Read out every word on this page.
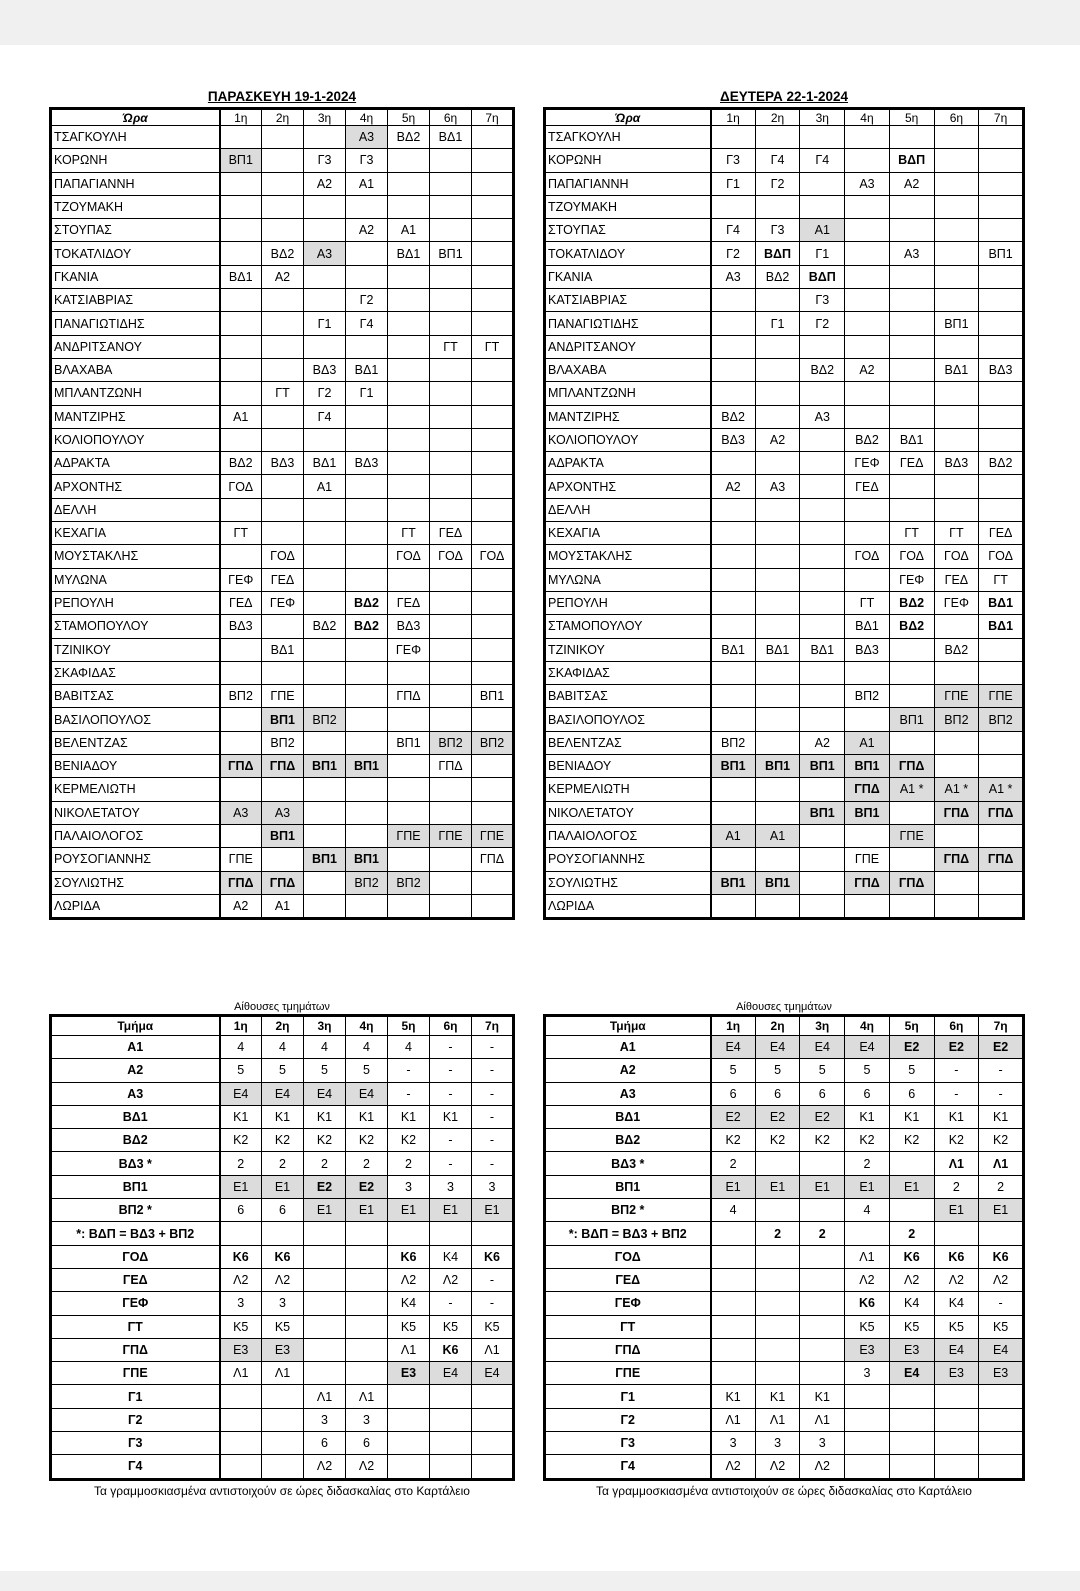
ΠΑΡΑΣΚΕΥΗ 19-1-2024
Ώρα	1η	2η	3η	4η	5η	6η	7η
ΤΣΑΓΚΟΥΛΗ				Α3	ΒΔ2	ΒΔ1	
ΚΟΡΩΝΗ	ΒΠ1		Γ3	Γ3			
ΠΑΠΑΓΙΑΝΝΗ			Α2	Α1			
ΤΖΟΥΜΑΚΗ							
ΣΤΟΥΠΑΣ				Α2	Α1		
ΤΟΚΑΤΛΙΔΟΥ		ΒΔ2	Α3		ΒΔ1	ΒΠ1	
ΓΚΑΝΙΑ	ΒΔ1	Α2					
ΚΑΤΣΙΑΒΡΙΑΣ				Γ2			
ΠΑΝΑΓΙΩΤΙΔΗΣ			Γ1	Γ4			
ΑΝΔΡΙΤΣΑΝΟΥ						ΓΤ	ΓΤ
ΒΛΑΧΑΒΑ			ΒΔ3	ΒΔ1			
ΜΠΛΑΝΤΖΩΝΗ		ΓΤ	Γ2	Γ1			
ΜΑΝΤΖΙΡΗΣ	Α1		Γ4				
ΚΟΛΙΟΠΟΥΛΟΥ							
ΑΔΡΑΚΤΑ	ΒΔ2	ΒΔ3	ΒΔ1	ΒΔ3			
ΑΡΧΟΝΤΗΣ	ΓΟΔ		Α1				
ΔΕΛΛΗ							
ΚΕΧΑΓΙΑ	ΓΤ				ΓΤ	ΓΕΔ	
ΜΟΥΣΤΑΚΛΗΣ		ΓΟΔ			ΓΟΔ	ΓΟΔ	ΓΟΔ
ΜΥΛΩΝΑ	ΓΕΦ	ΓΕΔ					
ΡΕΠΟΥΛΗ	ΓΕΔ	ΓΕΦ		ΒΔ2	ΓΕΔ		
ΣΤΑΜΟΠΟΥΛΟΥ	ΒΔ3		ΒΔ2	ΒΔ2	ΒΔ3		
ΤΖΙΝΙΚΟΥ		ΒΔ1			ΓΕΦ		
ΣΚΑΦΙΔΑΣ							
ΒΑΒΙΤΣΑΣ	ΒΠ2	ΓΠΕ			ΓΠΔ		ΒΠ1
ΒΑΣΙΛΟΠΟΥΛΟΣ		ΒΠ1	ΒΠ2				
ΒΕΛΕΝΤΖΑΣ		ΒΠ2			ΒΠ1	ΒΠ2	ΒΠ2
ΒΕΝΙΑΔΟΥ	ΓΠΔ	ΓΠΔ	ΒΠ1	ΒΠ1		ΓΠΔ	
ΚΕΡΜΕΛΙΩΤΗ							
ΝΙΚΟΛΕΤΑΤΟΥ	Α3	Α3					
ΠΑΛΑΙΟΛΟΓΟΣ		ΒΠ1			ΓΠΕ	ΓΠΕ	ΓΠΕ
ΡΟΥΣΟΓΙΑΝΝΗΣ	ΓΠΕ		ΒΠ1	ΒΠ1			ΓΠΔ
ΣΟΥΛΙΩΤΗΣ	ΓΠΔ	ΓΠΔ		ΒΠ2	ΒΠ2		
ΛΩΡΙΔΑ	Α2	Α1					
ΔΕΥΤΕΡΑ 22-1-2024
Ώρα	1η	2η	3η	4η	5η	6η	7η
ΤΣΑΓΚΟΥΛΗ							
ΚΟΡΩΝΗ	Γ3	Γ4	Γ4		ΒΔΠ		
ΠΑΠΑΓΙΑΝΝΗ	Γ1	Γ2		Α3	Α2		
ΤΖΟΥΜΑΚΗ							
ΣΤΟΥΠΑΣ	Γ4	Γ3	Α1				
ΤΟΚΑΤΛΙΔΟΥ	Γ2	ΒΔΠ	Γ1		Α3		ΒΠ1
ΓΚΑΝΙΑ	Α3	ΒΔ2	ΒΔΠ				
ΚΑΤΣΙΑΒΡΙΑΣ			Γ3				
ΠΑΝΑΓΙΩΤΙΔΗΣ		Γ1	Γ2			ΒΠ1	
ΑΝΔΡΙΤΣΑΝΟΥ							
ΒΛΑΧΑΒΑ			ΒΔ2	Α2		ΒΔ1	ΒΔ3
ΜΠΛΑΝΤΖΩΝΗ							
ΜΑΝΤΖΙΡΗΣ	ΒΔ2		Α3				
ΚΟΛΙΟΠΟΥΛΟΥ	ΒΔ3	Α2		ΒΔ2	ΒΔ1		
ΑΔΡΑΚΤΑ				ΓΕΦ	ΓΕΔ	ΒΔ3	ΒΔ2
ΑΡΧΟΝΤΗΣ	Α2	Α3		ΓΕΔ			
ΔΕΛΛΗ							
ΚΕΧΑΓΙΑ					ΓΤ	ΓΤ	ΓΕΔ
ΜΟΥΣΤΑΚΛΗΣ				ΓΟΔ	ΓΟΔ	ΓΟΔ	ΓΟΔ
ΜΥΛΩΝΑ					ΓΕΦ	ΓΕΔ	ΓΤ
ΡΕΠΟΥΛΗ				ΓΤ	ΒΔ2	ΓΕΦ	ΒΔ1
ΣΤΑΜΟΠΟΥΛΟΥ				ΒΔ1	ΒΔ2		ΒΔ1
ΤΖΙΝΙΚΟΥ	ΒΔ1	ΒΔ1	ΒΔ1	ΒΔ3		ΒΔ2	
ΣΚΑΦΙΔΑΣ							
ΒΑΒΙΤΣΑΣ				ΒΠ2		ΓΠΕ	ΓΠΕ
ΒΑΣΙΛΟΠΟΥΛΟΣ					ΒΠ1	ΒΠ2	ΒΠ2
ΒΕΛΕΝΤΖΑΣ	ΒΠ2		Α2	Α1			
ΒΕΝΙΑΔΟΥ	ΒΠ1	ΒΠ1	ΒΠ1	ΒΠ1	ΓΠΔ		
ΚΕΡΜΕΛΙΩΤΗ				ΓΠΔ	Α1 *	Α1 *	Α1 *
ΝΙΚΟΛΕΤΑΤΟΥ			ΒΠ1	ΒΠ1		ΓΠΔ	ΓΠΔ
ΠΑΛΑΙΟΛΟΓΟΣ	Α1	Α1			ΓΠΕ		
ΡΟΥΣΟΓΙΑΝΝΗΣ				ΓΠΕ		ΓΠΔ	ΓΠΔ
ΣΟΥΛΙΩΤΗΣ	ΒΠ1	ΒΠ1		ΓΠΔ	ΓΠΔ		
ΛΩΡΙΔΑ							
Αίθουσες τμημάτων
Τμήμα	1η	2η	3η	4η	5η	6η	7η
Α1	4	4	4	4	4	-	-
Α2	5	5	5	5	-	-	-
Α3	Ε4	Ε4	Ε4	Ε4	-	-	-
ΒΔ1	Κ1	Κ1	Κ1	Κ1	Κ1	Κ1	-
ΒΔ2	Κ2	Κ2	Κ2	Κ2	Κ2	-	-
ΒΔ3 *	2	2	2	2	2	-	-
ΒΠ1	Ε1	Ε1	Ε2	Ε2	3	3	3
ΒΠ2 *	6	6	Ε1	Ε1	Ε1	Ε1	Ε1
*: ΒΔΠ = ΒΔ3 + ΒΠ2							
ΓΟΔ	Κ6	Κ6			Κ6	Κ4	Κ6
ΓΕΔ	Λ2	Λ2			Λ2	Λ2	-
ΓΕΦ	3	3			Κ4	-	-
ΓΤ	Κ5	Κ5			Κ5	Κ5	Κ5
ΓΠΔ	Ε3	Ε3			Λ1	Κ6	Λ1
ΓΠΕ	Λ1	Λ1			Ε3	Ε4	Ε4
Γ1			Λ1	Λ1			
Γ2			3	3			
Γ3			6	6			
Γ4			Λ2	Λ2			
Τα γραμμοσκιασμένα αντιστοιχούν σε ώρες διδασκαλίας στο Καρτάλειο
Αίθουσες τμημάτων
Τμήμα	1η	2η	3η	4η	5η	6η	7η
Α1	Ε4	Ε4	Ε4	Ε4	Ε2	Ε2	Ε2
Α2	5	5	5	5	5	-	-
Α3	6	6	6	6	6	-	-
ΒΔ1	Ε2	Ε2	Ε2	Κ1	Κ1	Κ1	Κ1
ΒΔ2	Κ2	Κ2	Κ2	Κ2	Κ2	Κ2	Κ2
ΒΔ3 *	2			2		Λ1	Λ1
ΒΠ1	Ε1	Ε1	Ε1	Ε1	Ε1	2	2
ΒΠ2 *	4			4		Ε1	Ε1
*: ΒΔΠ = ΒΔ3 + ΒΠ2		2	2		2		
ΓΟΔ				Λ1	Κ6	Κ6	Κ6
ΓΕΔ				Λ2	Λ2	Λ2	Λ2
ΓΕΦ				Κ6	Κ4	Κ4	-
ΓΤ				Κ5	Κ5	Κ5	Κ5
ΓΠΔ				Ε3	Ε3	Ε4	Ε4
ΓΠΕ				3	Ε4	Ε3	Ε3
Γ1	Κ1	Κ1	Κ1				
Γ2	Λ1	Λ1	Λ1				
Γ3	3	3	3				
Γ4	Λ2	Λ2	Λ2				
Τα γραμμοσκιασμένα αντιστοιχούν σε ώρες διδασκαλίας στο Καρτάλειο
